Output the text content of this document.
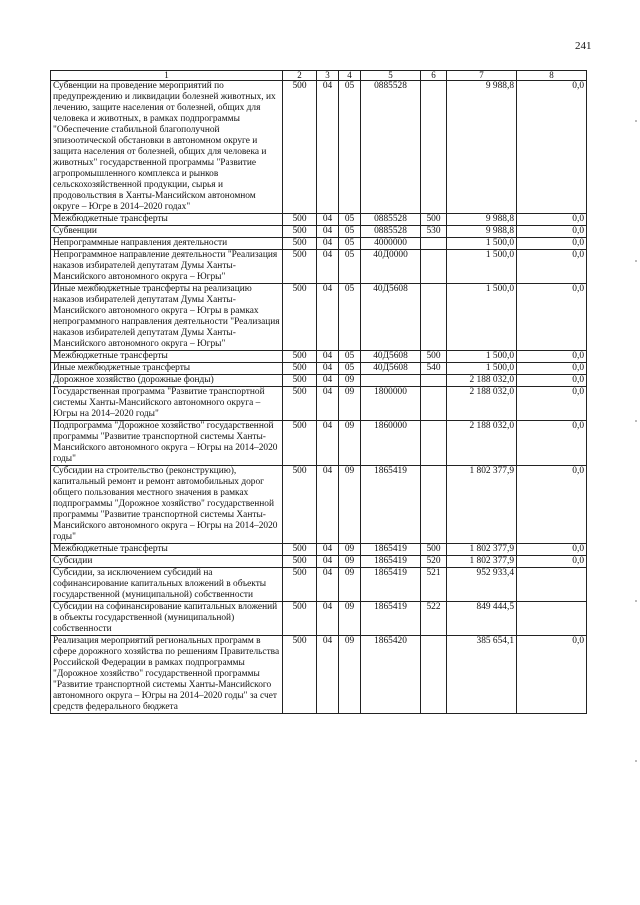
241
1	2	3	4	5	6	7	8
Субвенции на проведение мероприятий по предупреждению и ликвидации болезней животных, их лечению, защите населения от болезней, общих для человека и животных, в рамках подпрограммы "Обеспечение стабильной благополучной эпизоотической обстановки в автономном округе и защита населения от болезней, общих для человека и животных" государственной программы "Развитие агропромышленного комплекса и рынков сельскохозяйственной продукции, сырья и продовольствия в Ханты-Мансийском автономном округе – Югре в 2014–2020 годах"	500	04	05	0885528		9 988,8	0,0
Межбюджетные трансферты	500	04	05	0885528	500	9 988,8	0,0
Субвенции	500	04	05	0885528	530	9 988,8	0,0
Непрограммные направления деятельности	500	04	05	4000000		1 500,0	0,0
Непрограммное направление деятельности "Реализация наказов избирателей депутатам Думы Ханты-Мансийского автономного округа – Югры"	500	04	05	40Д0000		1 500,0	0,0
Иные межбюджетные трансферты на реализацию наказов избирателей депутатам Думы Ханты-Мансийского автономного округа – Югры в рамках непрограммного направления деятельности "Реализация наказов избирателей депутатам Думы Ханты-Мансийского автономного округа – Югры"	500	04	05	40Д5608		1 500,0	0,0
Межбюджетные трансферты	500	04	05	40Д5608	500	1 500,0	0,0
Иные межбюджетные трансферты	500	04	05	40Д5608	540	1 500,0	0,0
Дорожное хозяйство (дорожные фонды)	500	04	09			2 188 032,0	0,0
Государственная программа "Развитие транспортной системы Ханты-Мансийского автономного округа – Югры на 2014–2020 годы"	500	04	09	1800000		2 188 032,0	0,0
Подпрограмма "Дорожное хозяйство" государственной программы "Развитие транспортной системы Ханты-Мансийского автономного округа – Югры на 2014–2020 годы"	500	04	09	1860000		2 188 032,0	0,0
Субсидии на строительство (реконструкцию), капитальный ремонт и ремонт автомобильных дорог общего пользования местного значения в рамках подпрограммы "Дорожное хозяйство" государственной программы "Развитие транспортной системы Ханты-Мансийского автономного округа – Югры на 2014–2020 годы"	500	04	09	1865419		1 802 377,9	0,0
Межбюджетные трансферты	500	04	09	1865419	500	1 802 377,9	0,0
Субсидии	500	04	09	1865419	520	1 802 377,9	0,0
Субсидии, за исключением субсидий на софинансирование капитальных вложений в объекты государственной (муниципальной) собственности	500	04	09	1865419	521	952 933,4	
Субсидии на софинансирование капитальных вложений в объекты государственной (муниципальной) собственности	500	04	09	1865419	522	849 444,5	
Реализация мероприятий региональных программ в сфере дорожного хозяйства по решениям Правительства Российской Федерации в рамках подпрограммы "Дорожное хозяйство" государственной программы "Развитие транспортной системы Ханты-Мансийского автономного округа – Югры на 2014–2020 годы" за счет средств федерального бюджета	500	04	09	1865420		385 654,1	0,0
